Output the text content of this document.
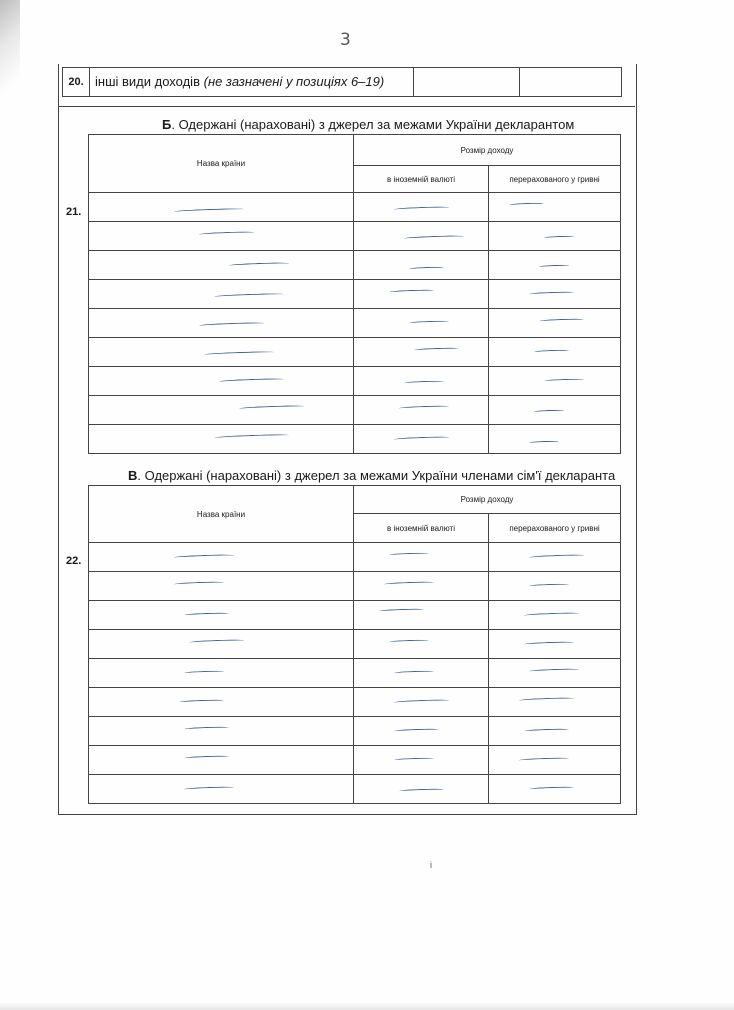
3
20. інші види доходів (не зазначені у позиціях 6–19)
Б. Одержані (нараховані) з джерел за межами України декларантом
21.
Назва країни	Розмір доходу	
	в іноземній валюті	перерахованого у гривні

В. Одержані (нараховані) з джерел за межами України членами сім'ї декларанта
22.
Назва країни	Розмір доходу	
	в іноземній валюті	перерахованого у гривні

i
